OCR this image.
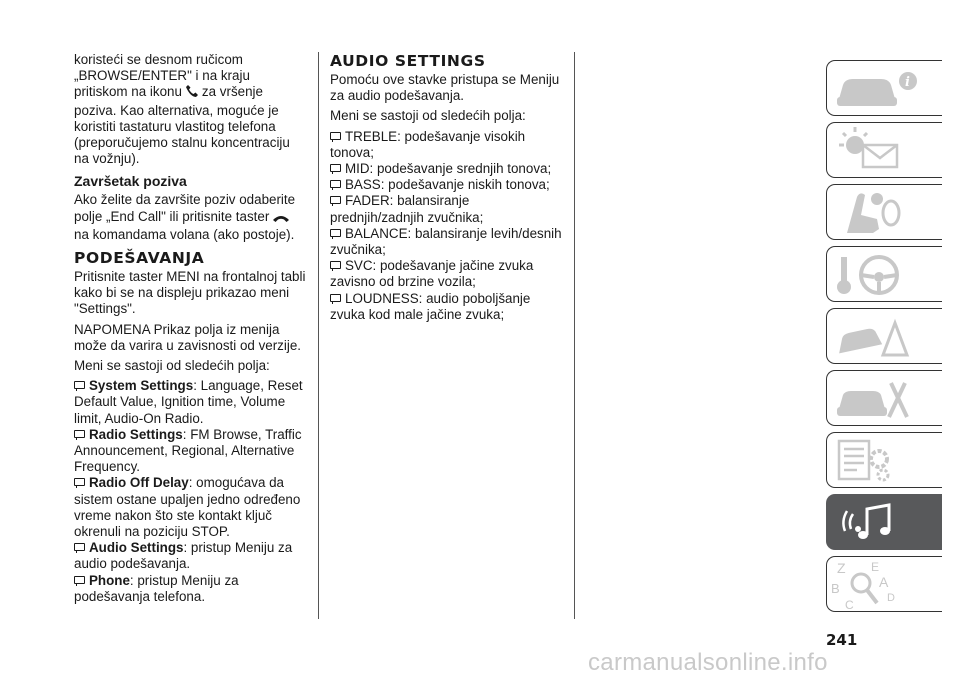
koristeći se desnom ručicom „BROWSE/ENTER" i na kraju pritiskom na ikonu za vršenje poziva. Kao alternativa, moguće je koristiti tastaturu vlastitog telefona (preporučujemo stalnu koncentraciju na vožnju).

Završetak poziva

Ako želite da završite poziv odaberite polje „End Call" ili pritisnite tasterna komandama volana (ako postoje).

PODEŠAVANJA

Pritisnite taster MENI na frontalnoj tabli kako bi se na displeju prikazao meni "Settings".

NAPOMENA Prikaz polja iz menija može da varira u zavisnosti od verzije.

Meni se sastoji od sledećih polja:

System Settings: Language, Reset Default Value, Ignition time, Volume limit, Audio-On Radio.
Radio Settings: FM Browse, Traffic Announcement, Regional, Alternative Frequency.
Radio Off Delay: omogućava da sistem ostane upaljen jedno određeno vreme nakon što ste kontakt ključ okrenuli na poziciju STOP.
Audio Settings: pristup Meniju za audio podešavanja.
Phone: pristup Meniju za podešavanja telefona.
AUDIO SETTINGS

Pomoću ove stavke pristupa se Meniju za audio podešavanja.

Meni se sastoji od sledećih polja:

TREBLE: podešavanje visokih tonova;
MID: podešavanje srednjih tonova;
BASS: podešavanje niskih tonova;
FADER: balansiranje prednjih/zadnjih zvučnika;
BALANCE: balansiranje levih/desnih zvučnika;
SVC: podešavanje jačine zvuka zavisno od brzine vozila;
LOUDNESS: audio poboljšanje zvuka kod male jačine zvuka;
i
Z E
A
B
C	D
241
carmanualsonline.info
